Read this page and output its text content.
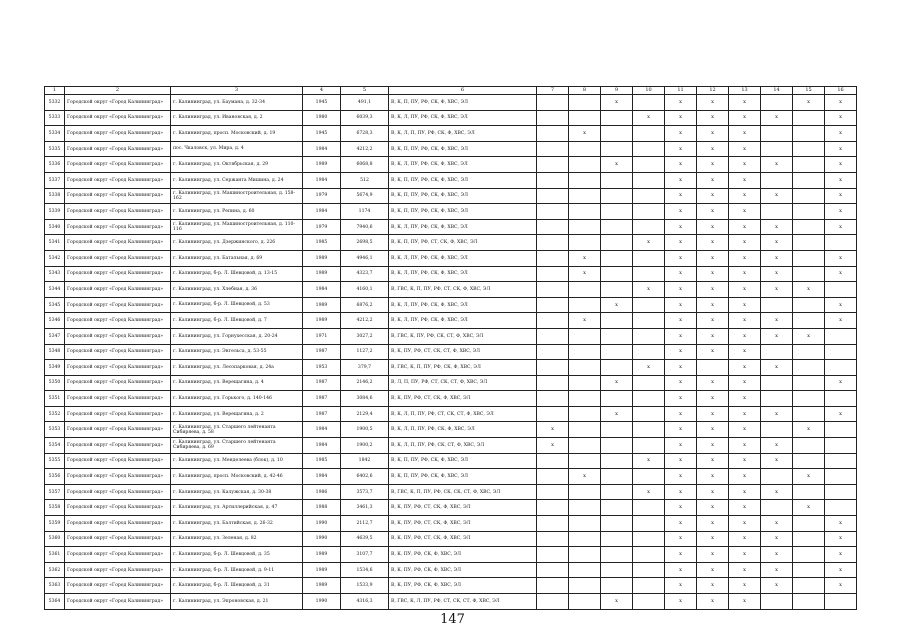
1	2	3	4	5	6	7	8	9	10	11	12	13	14	15	16
5332	Городской округ «Город Калининград»	г. Калининград, ул. Баумана, д. 32-34	1945	491,1	В, К, П, ПУ, РФ, СК, Ф, ХВС, ЭЛ			x		x	x	x		x	x
5333	Городской округ «Город Калининград»	г. Калининград, ул. Ивановская, д. 2	1980	6039,3	В, К, Л, ПУ, РФ, СК, Ф, ХВС, ЭЛ				x	x	x	x	x		x
5334	Городской округ «Город Калининград»	г. Калининград, просп. Московский, д. 19	1945	6728,3	В, К, Л, П, ПУ, РФ, СК, Ф, ХВС, ЭЛ		x			x	x	x			x
5335	Городской округ «Город Калининград»	пос. Чкаловск, ул. Мира, д. 4	1984	4212,2	В, К, П, ПУ, РФ, СК, Ф, ХВС, ЭЛ					x	x	x			x
5336	Городской округ «Город Калининград»	г. Калининград, ул. Октябрьская, д. 29	1989	6068,8	В, К, Л, ПУ, РФ, СК, Ф, ХВС, ЭЛ			x		x	x	x	x		x
5337	Городской округ «Город Калининград»	г. Калининград, ул. Сержанта Мишина, д. 24	1984	512	В, К, П, ПУ, РФ, СК, Ф, ХВС, ЭЛ					x	x	x			x
5338	Городской округ «Город Калининград»	г. Калининград, ул. Машиностроительная, д. 158-162	1979	5674,9	В, К, П, ПУ, РФ, СК, Ф, ХВС, ЭЛ					x	x	x	x		x
5339	Городской округ «Город Калининград»	г. Калининград, ул. Репина, д. 60	1984	1174	В, К, П, ПУ, РФ, СК, Ф, ХВС, ЭЛ					x	x	x			x
5340	Городской округ «Город Калининград»	г. Калининград, ул. Машиностроительная, д. 110-116	1979	7940,6	В, К, Л, ПУ, РФ, СК, Ф, ХВС, ЭЛ					x	x	x	x		x
5341	Городской округ «Город Калининград»	г. Калининград, ул. Дзержинского, д. 226	1985	2698,5	В, К, П, ПУ, РФ, СТ, СК, Ф, ХВС, ЭЛ				x	x	x	x	x		
5342	Городской округ «Город Калининград»	г. Калининград, ул. Батальная, д. 69	1989	4946,1	В, К, Л, ПУ, РФ, СК, Ф, ХВС, ЭЛ		x			x	x	x	x		x
5343	Городской округ «Город Калининград»	г. Калининград, б-р. Л. Шевцовой, д. 13-15	1989	4323,7	В, К, Л, ПУ, РФ, СК, Ф, ХВС, ЭЛ		x			x	x	x	x		x
5344	Городской округ «Город Калининград»	г. Калининград, ул. Хлебная, д. 36	1984	4160,1	В, ГВС, К, П, ПУ, РФ, СТ, СК, Ф, ХВС, ЭЛ				x	x	x	x	x	x	
5345	Городской округ «Город Калининград»	г. Калининград, б-р. Л. Шевцовой, д. 53	1989	6876,2	В, К, Л, ПУ, РФ, СК, Ф, ХВС, ЭЛ			x		x	x	x			x
5346	Городской округ «Город Калининград»	г. Калининград, б-р. Л. Шевцовой, д. 7	1989	4212,2	В, К, Л, ПУ, РФ, СК, Ф, ХВС, ЭЛ		x			x	x	x	x		x
5347	Городской округ «Город Калининград»	г. Калининград, ул. Горнухесская, д. 20-24	1971	3027,2	В, ГВС, К, ПУ, РФ, СК, СТ, Ф, ХВС, ЭЛ					x	x	x	x	x	
5348	Городской округ «Город Калининград»	г. Калининград, ул. Энгельса, д. 53-55	1987	1127,2	В, К, ПУ, РФ, СТ, СК, СТ, Ф, ХВС, ЭЛ					x	x	x			
5349	Городской округ «Город Калининград»	г. Калининград, ул. Лесопарковая, д. 24а	1953	379,7	В, ГВС, К, П, ПУ, РФ, СК, Ф, ХВС, ЭЛ				x	x		x	x		
5350	Городской округ «Город Калининград»	г. Калининград, ул. Верещагина, д. 4	1987	2146,2	В, Л, П, ПУ, РФ, СТ, СК, СТ, Ф, ХВС, ЭЛ			x		x	x	x			x
5351	Городской округ «Город Калининград»	г. Калининград, ул. Горького, д. 140-146	1987	3084,6	В, К, ПУ, РФ, СТ, СК, Ф, ХВС, ЭЛ					x	x	x			
5352	Городской округ «Город Калининград»	г. Калининград, ул. Верещагина, д. 2	1987	2129,4	В, К, Л, П, ПУ, РФ, СТ, СК, СТ, Ф, ХВС, ЭЛ			x		x	x	x	x		x
5353	Городской округ «Город Калининград»	г. Калининград, ул. Старшего лейтенанта Сибиряева, д. 58	1984	1900,5	В, К, Л, П, ПУ, РФ, СК, Ф, ХВС, ЭЛ	x				x	x	x		x	
5354	Городской округ «Город Калининград»	г. Калининград, ул. Старшего лейтенанта Сибиряева, д. 69	1984	1900,2	В, К, Л, П, ПУ, РФ, СК, СТ, Ф, ХВС, ЭЛ	x				x	x	x	x		
5355	Городской округ «Город Калининград»	г. Калининград, ул. Менделеева (блок), д. 10	1985	1842	В, К, П, ПУ, РФ, СК, Ф, ХВС, ЭЛ				x	x	x	x	x		
5356	Городской округ «Город Калининград»	г. Калининград, просп. Московский, д. 42-46	1984	6402,6	В, К, П, ПУ, РФ, СК, Ф, ХВС, ЭЛ		x			x	x	x		x	
5357	Городской округ «Город Калининград»	г. Калининград, ул. Калужская, д. 30-38	1986	3573,7	В, ГВС, К, П, ПУ, РФ, СК, СК, СТ, Ф, ХВС, ЭЛ				x	x	x	x	x		
5358	Городской округ «Город Калининград»	г. Калининград, ул. Артиллерийская, д. 47	1988	3461,3	В, К, ПУ, РФ, СТ, СК, Ф, ХВС, ЭЛ					x	x	x		x	
5359	Городской округ «Город Калининград»	г. Калининград, ул. Балтийская, д. 26-32	1990	2112,7	В, К, ПУ, РФ, СТ, СК, Ф, ХВС, ЭЛ					x	x	x	x		x
5360	Городской округ «Город Калининград»	г. Калининград, ул. Зеленая, д. 82	1990	4639,5	В, К, ПУ, РФ, СТ, СК, Ф, ХВС, ЭЛ					x	x	x	x		x
5361	Городской округ «Город Калининград»	г. Калининград, б-р. Л. Шевцовой, д. 35	1989	3107,7	В, К, ПУ, РФ, СК, Ф, ХВС, ЭЛ					x	x	x	x		x
5362	Городской округ «Город Калининград»	г. Калининград, б-р. Л. Шевцовой, д. 9-11	1989	1534,6	В, К, ПУ, РФ, СК, Ф, ХВС, ЭЛ					x	x	x	x		x
5363	Городской округ «Город Калининград»	г. Калининград, б-р. Л. Шевцовой, д. 31	1989	1533,9	В, К, ПУ, РФ, СК, Ф, ХВС, ЭЛ					x	x	x	x		x
5364	Городской округ «Город Калининград»	г. Калининград, ул. Эпроновская, д. 21	1990	4316,3	В, ГВС, К, Л, ПУ, РФ, СТ, СК, СТ, Ф, ХВС, ЭЛ			x		x	x	x			
147
